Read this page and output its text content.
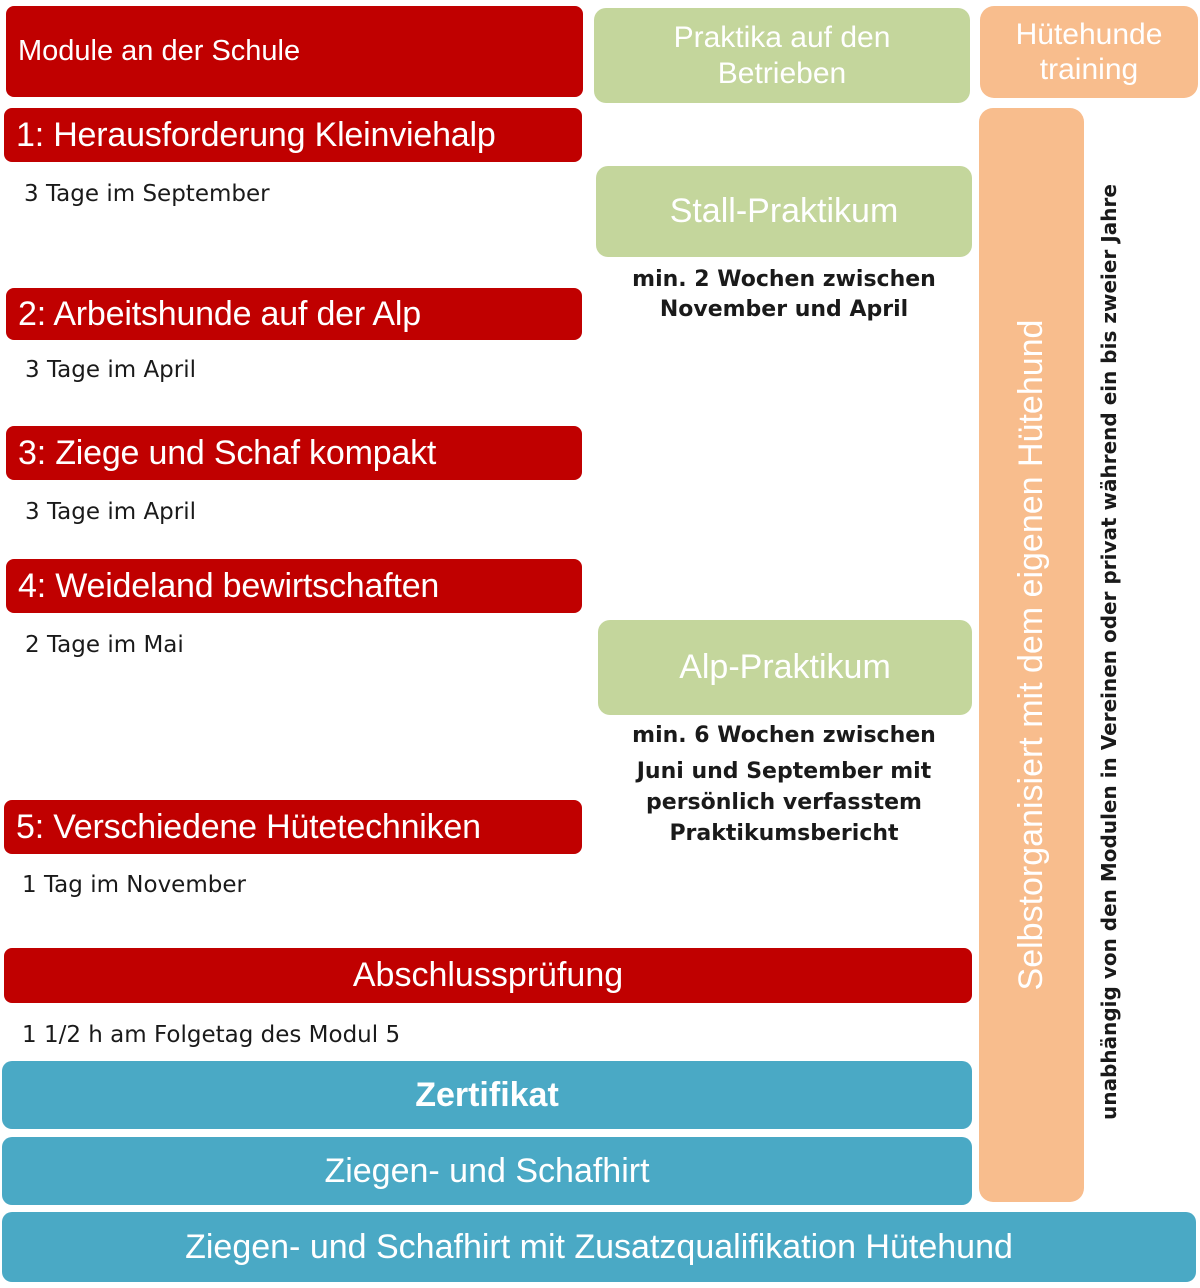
Module an der Schule	Praktika auf den Betrieben
Hütehunde training
1: Herausforderung Kleinviehalp
3 Tage im September	Stall-Praktikum
min. 2 Wochen zwischen
November und April
2: Arbeitshunde auf der Alp
3 Tage im April
3: Ziege und Schaf kompakt
3 Tage im April
4: Weideland bewirtschaften
2 Tage im Mai
Alp-Praktikum
min. 6 Wochen zwischen
Juni und September mit
persönlich verfasstem
Praktikumsbericht
5: Verschiedene Hütetechniken
1 Tag im November
Abschlussprüfung
1 1/2 h am Folgetag des Modul 5
Zertifikat
Ziegen- und Schafhirt
Ziegen- und Schafhirt mit Zusatzqualifikation Hütehund
Selbstorganisiert mit dem eigenen Hütehund unabhängig von den Modulen in Vereinen oder privat während ein bis zweier Jahre
